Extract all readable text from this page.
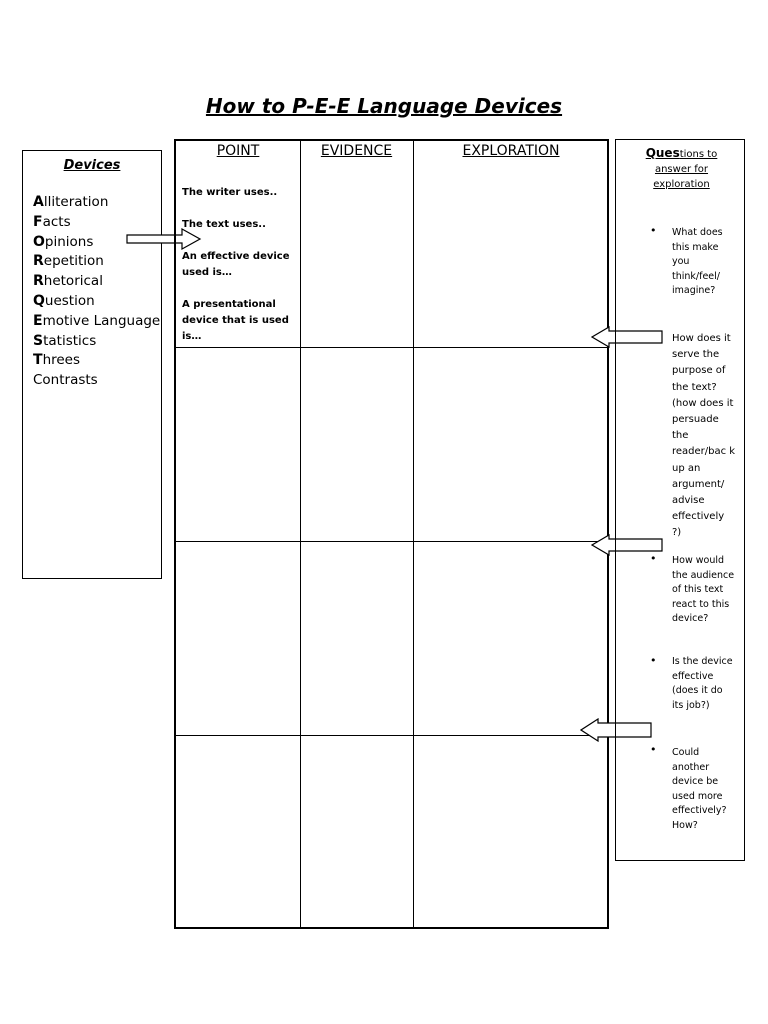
How to P-E-E Language Devices
Devices
Alliteration
Facts
Opinions
Repetition
Rhetorical
Question
Emotive Language
Statistics
Threes
Contrasts
POINT	EVIDENCE	EXPLORATION

The writer uses..

The text uses..

An effective device used is…

A presentational device that is used is…

Questions to answer for exploration
• What does this make you think/feel/ imagine?
How does it serve the purpose of the text? (how does it persuade the reader/bac k up an argument/ advise effectively ?)
• How would the audience of this text react to this device?
• Is the device effective (does it do its job?)
• Could another device be used more effectively? How?
